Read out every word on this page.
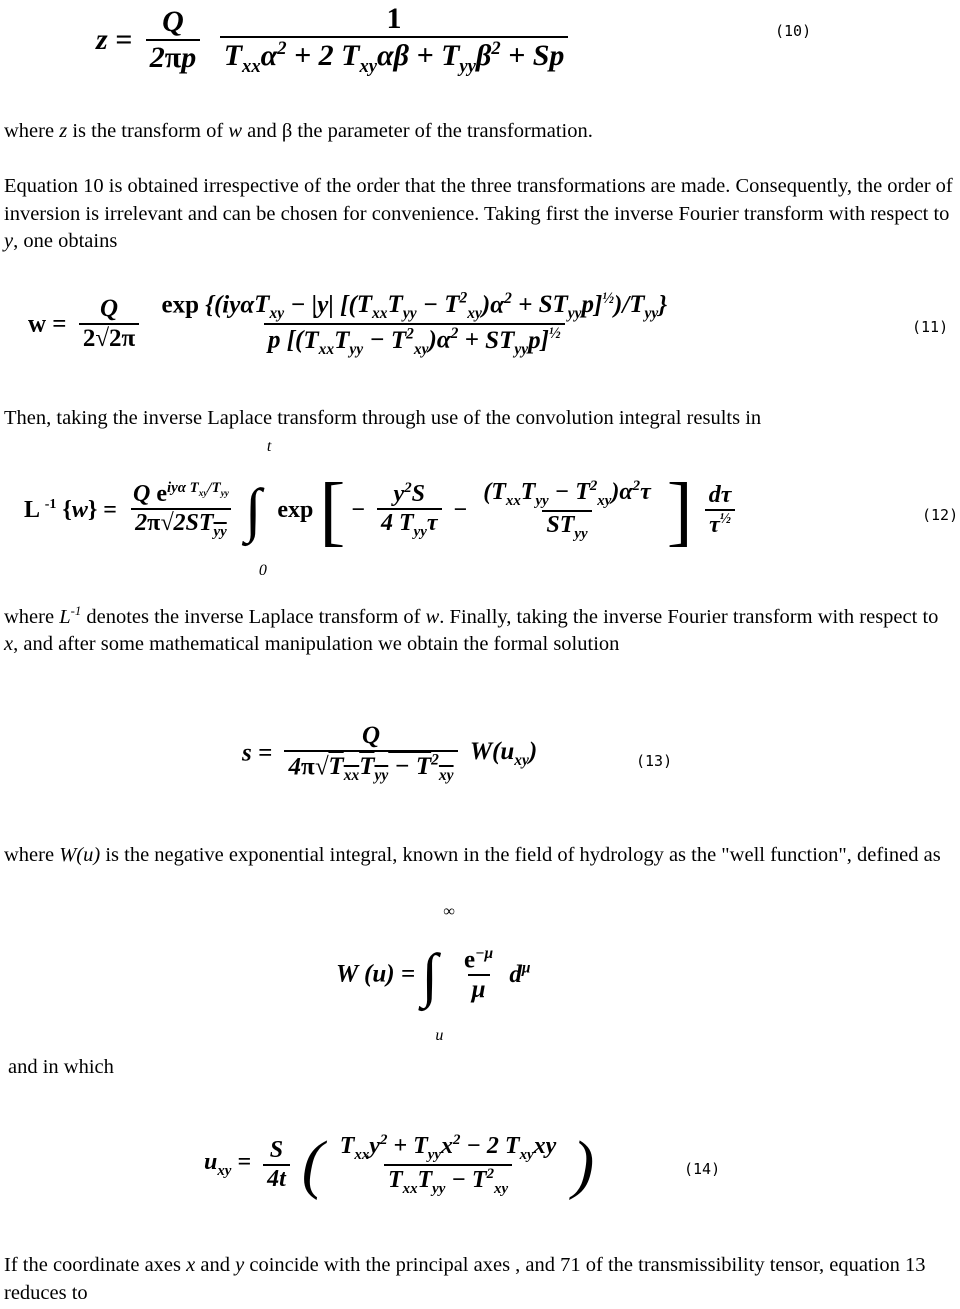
$z = \frac{Q}{2\pi p}$
$\frac{1}{T_{xx}\alpha^2 + 2 T_{xy}\alpha\beta + T_{yy}\beta^2 + Sp}$	(10)

where z is the transform of w and β the parameter of the transformation.

Equation 10 is obtained irrespective of the order that the three transformations are made. Consequently, the order of inversion is irrelevant and can be chosen for convenience. Taking first the inverse Fourier transform with respect to y, one obtains

$w = \frac{Q}{2√2\pi}$
$\frac{\exp \{(iy\alpha T_{xy} - |y| [(T_{xx}T_{yy} - T^2_{xy})\alpha^2 + ST_{yy}p]^{\frac{1}{2}})/T_{yy}\}}{p [(T_{xx}T_{yy} - T^2_{xy})\alpha^2 + ST_{yy}p]^{\frac{1}{2}}}$	(11)

Then, taking the inverse Laplace transform through use of the convolution integral results in

L $^{-1}$ $\{w\} = \frac{Q e^{iy\alpha T_{xy}/T_{yy}}}{2\pi√2ST_{yy}}$ ∫
t
0
exp [ − $\frac{y^2S}{4 T_{yy}\tau} - \frac{(T_{xx}T_{yy} - T^2_{xy})\alpha^2\tau}{ST_{yy}}$ ] $\frac{d\tau}{\tau^{\frac{1}{2}}}$	(12)

where $L^{-1}$ denotes the inverse Laplace transform of w. Finally, taking the inverse Fourier transform with respect to x, and after some mathematical manipulation we obtain the formal solution

$s = \frac{Q}{4\pi√T_{xx}T_{yy} - T^2_{xy}} W(u_{xy})$	(13)

where W(u) is the negative exponential integral, known in the field of hydrology as the "well function", defined as

W (u) = ∫
∞
u

$\frac{e^{-\mu}}{\mu} d^\mu$

and in which

$u_{xy} = \frac{S}{4t}$ ( $\frac{T_{xx}y^2 + T_{yy}x^2 - 2 T_{xy}xy}{T_{xx}T_{yy} - T^2_{xy}}$ )	(14)

If the coordinate axes x and y coincide with the principal axes , and 71 of the transmissibility tensor, equation 13 reduces to
